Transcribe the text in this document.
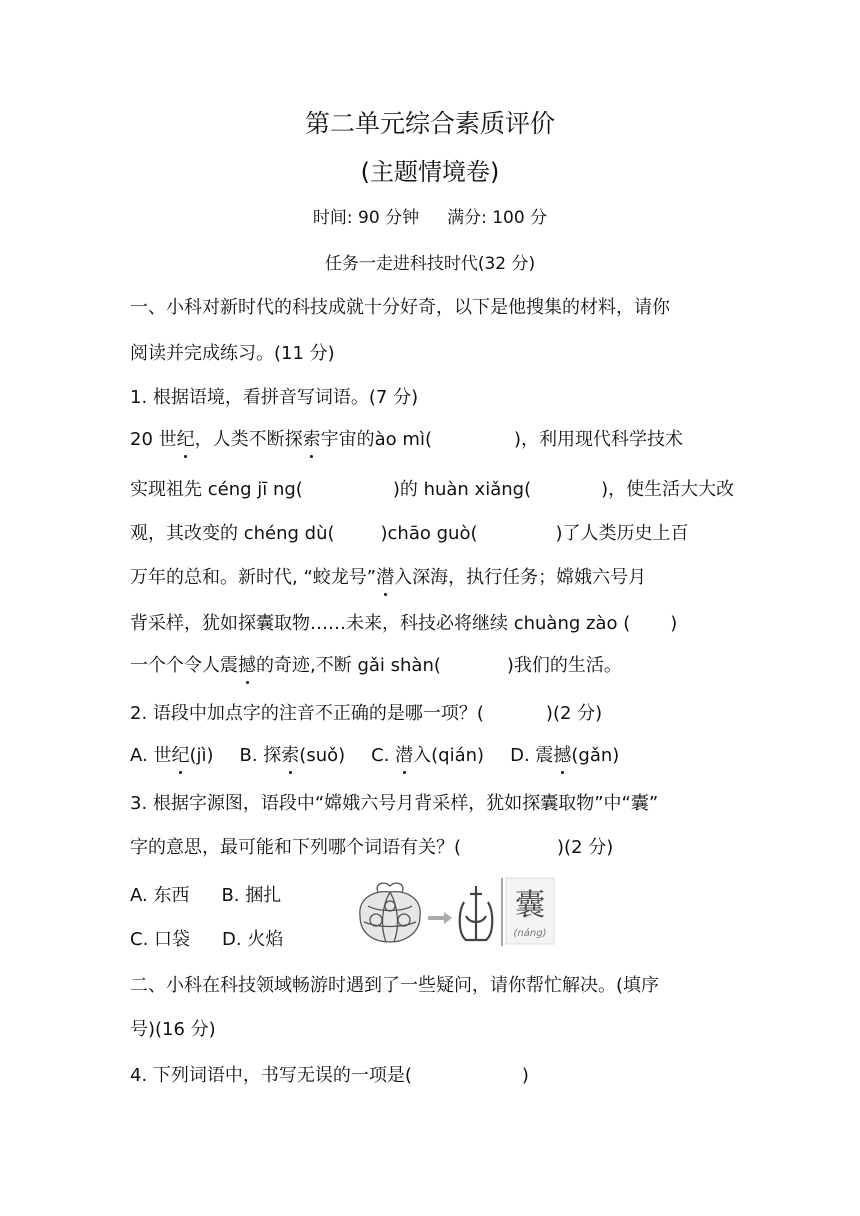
第二单元综合素质评价
(主题情境卷)
时间: 90 分钟 满分: 100 分
任务一走进科技时代(32 分)
一、小科对新时代的科技成就十分好奇，以下是他搜集的材料，请你
阅读并完成练习。(11 分)
1. 根据语境，看拼音写词语。(7 分)
20 世纪，人类不断探索宇宙的ào mì(	)，利用现代科学技术
实现祖先 céng jī ng(	)的 huàn xiǎng(	)，使生活大大改
观，其改变的 chéng dù(	)chāo guò(	)了人类历史上百
万年的总和。新时代, “蛟龙号”潜入深海，执行任务；嫦娥六号月
背采样，犹如探囊取物……未来，科技必将继续 chuàng zào ( )
一个个令人震撼的奇迹,不断 gǎi shàn(	)我们的生活。
2. 语段中加点字的注音不正确的是哪一项？(	)(2 分)
A. 世纪(jì) B. 探索(suǒ) C. 潜入(qián) D. 震撼(gǎn)
3. 根据字源图，语段中“嫦娥六号月背采样，犹如探囊取物”中“囊”
字的意思，最可能和下列哪个词语有关？(	)(2 分)
A. 东西 B. 捆扎
C. 口袋 D. 火焰
囊
(náng)
二、小科在科技领域畅游时遇到了一些疑问，请你帮忙解决。(填序
号)(16 分)
4. 下列词语中，书写无误的一项是(	)
